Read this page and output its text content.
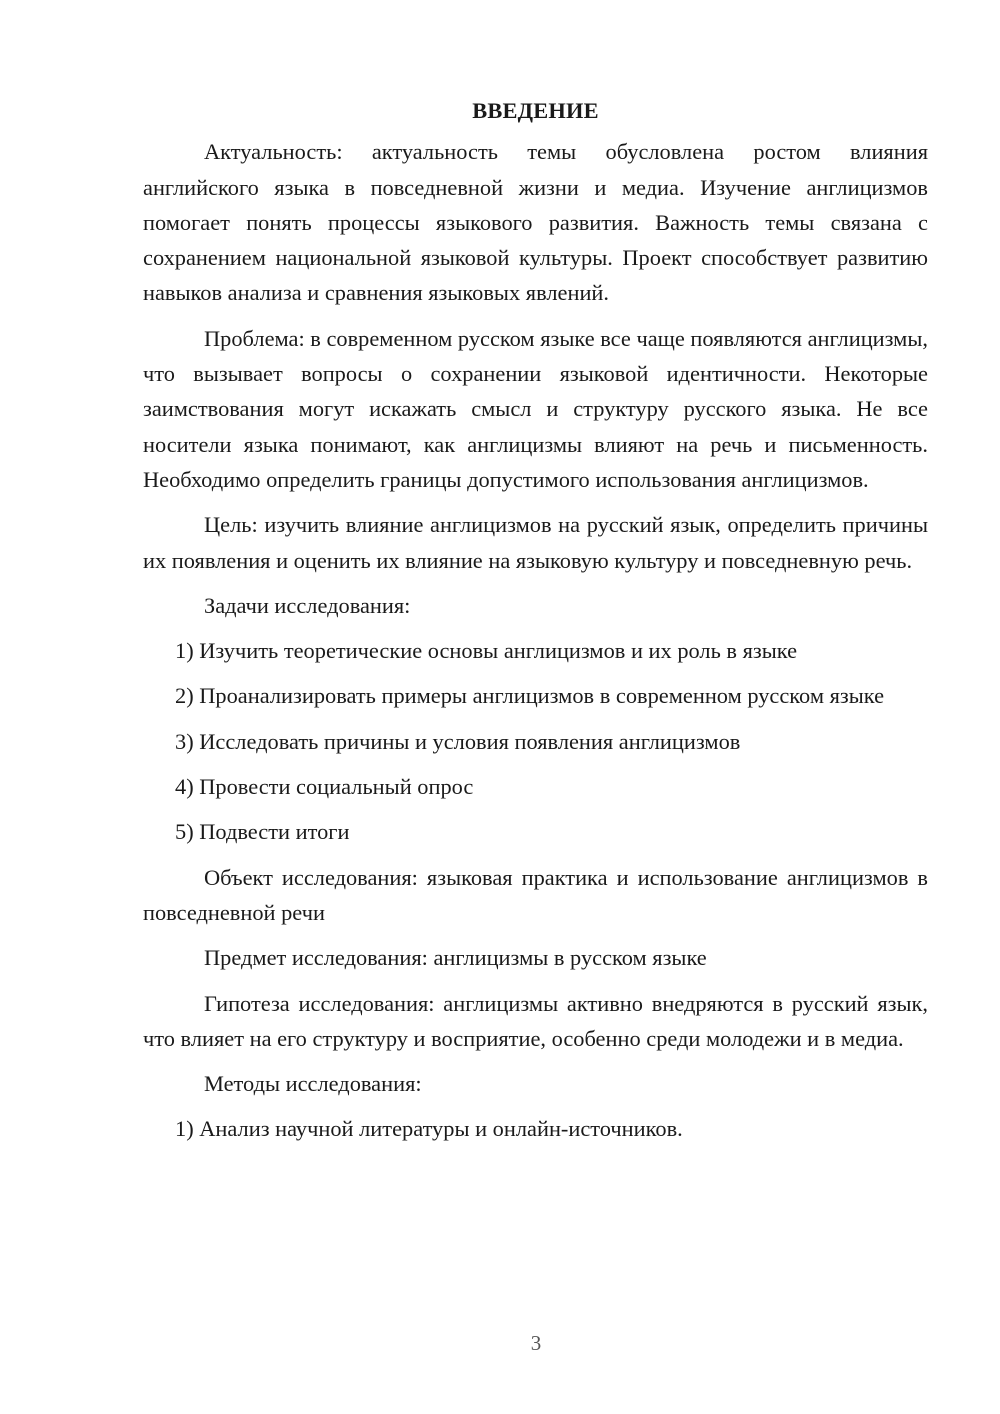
ВВЕДЕНИЕ

Актуальность: актуальность темы обусловлена ростом влияния английского языка в повседневной жизни и медиа. Изучение англицизмов помогает понять процессы языкового развития. Важность темы связана с сохранением национальной языковой культуры. Проект способствует развитию навыков анализа и сравнения языковых явлений.

Проблема: в современном русском языке все чаще появляются англицизмы, что вызывает вопросы о сохранении языковой идентичности. Некоторые заимствования могут искажать смысл и структуру русского языка. Не все носители языка понимают, как англицизмы влияют на речь и письменность. Необходимо определить границы допустимого использования англицизмов.

Цель: изучить влияние англицизмов на русский язык, определить причины их появления и оценить их влияние на языковую культуру и повседневную речь.

Задачи исследования:

1) Изучить теоретические основы англицизмов и их роль в языке

2) Проанализировать примеры англицизмов в современном русском языке

3) Исследовать причины и условия появления англицизмов

4) Провести социальный опрос

5) Подвести итоги

Объект исследования: языковая практика и использование англицизмов в повседневной речи

Предмет исследования: англицизмы в русском языке

Гипотеза исследования: англицизмы активно внедряются в русский язык, что влияет на его структуру и восприятие, особенно среди молодежи и в медиа.

Методы исследования:

1) Анализ научной литературы и онлайн-источников.

3
